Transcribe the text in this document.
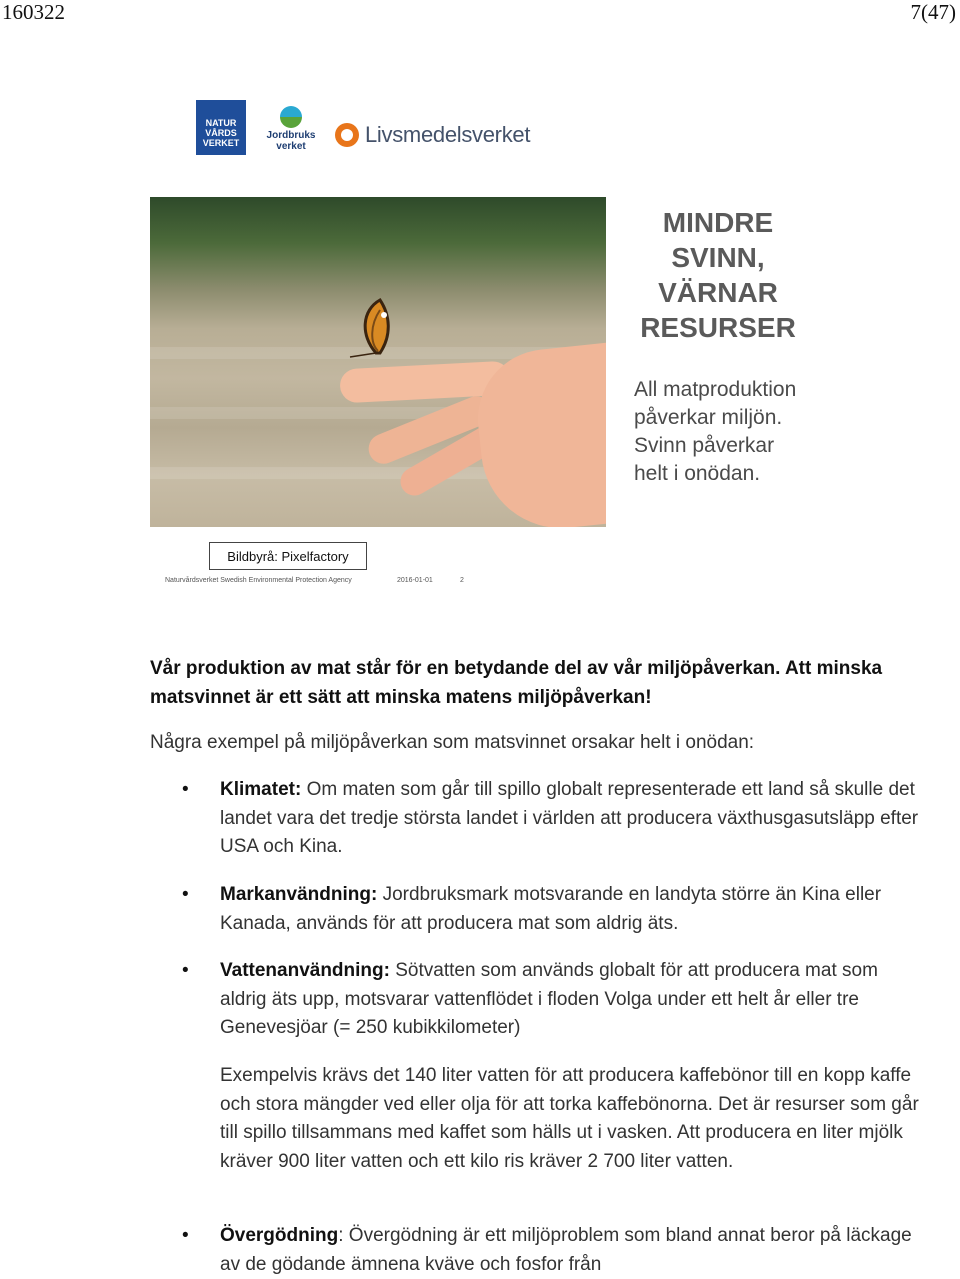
160322	7(47)
NATUR
VÅRDS
VERKET
Jordbruks
verket	Livsmedelsverket
MINDRE
SVINN,
VÄRNAR
RESURSER
All matproduktion
påverkar miljön.
Svinn påverkar
helt i onödan.
Bildbyrå: Pixelfactory
Naturvårdsverket Swedish Environmental Protection Agency	2016-01-01	2
Vår produktion av mat står för en betydande del av vår miljöpåverkan. Att minska matsvinnet är ett sätt att minska matens miljöpåverkan!
Några exempel på miljöpåverkan som matsvinnet orsakar helt i onödan:
• Klimatet: Om maten som går till spillo globalt representerade ett land så skulle det landet vara det tredje största landet i världen att producera växthusgasutsläpp efter USA och Kina.
• Markanvändning: Jordbruksmark motsvarande en landyta större än Kina eller Kanada, används för att producera mat som aldrig äts.
• Vattenanvändning: Sötvatten som används globalt för att producera mat som aldrig äts upp, motsvarar vattenflödet i floden Volga under ett helt år eller tre Genevesjöar (= 250 kubikkilometer)
Exempelvis krävs det 140 liter vatten för att producera kaffebönor till en kopp kaffe och stora mängder ved eller olja för att torka kaffebönorna. Det är resurser som går till spillo tillsammans med kaffet som hälls ut i vasken. Att producera en liter mjölk kräver 900 liter vatten och ett kilo ris kräver 2 700 liter vatten.
• Övergödning: Övergödning är ett miljöproblem som bland annat beror på läckage av de gödande ämnena kväve och fosfor från
